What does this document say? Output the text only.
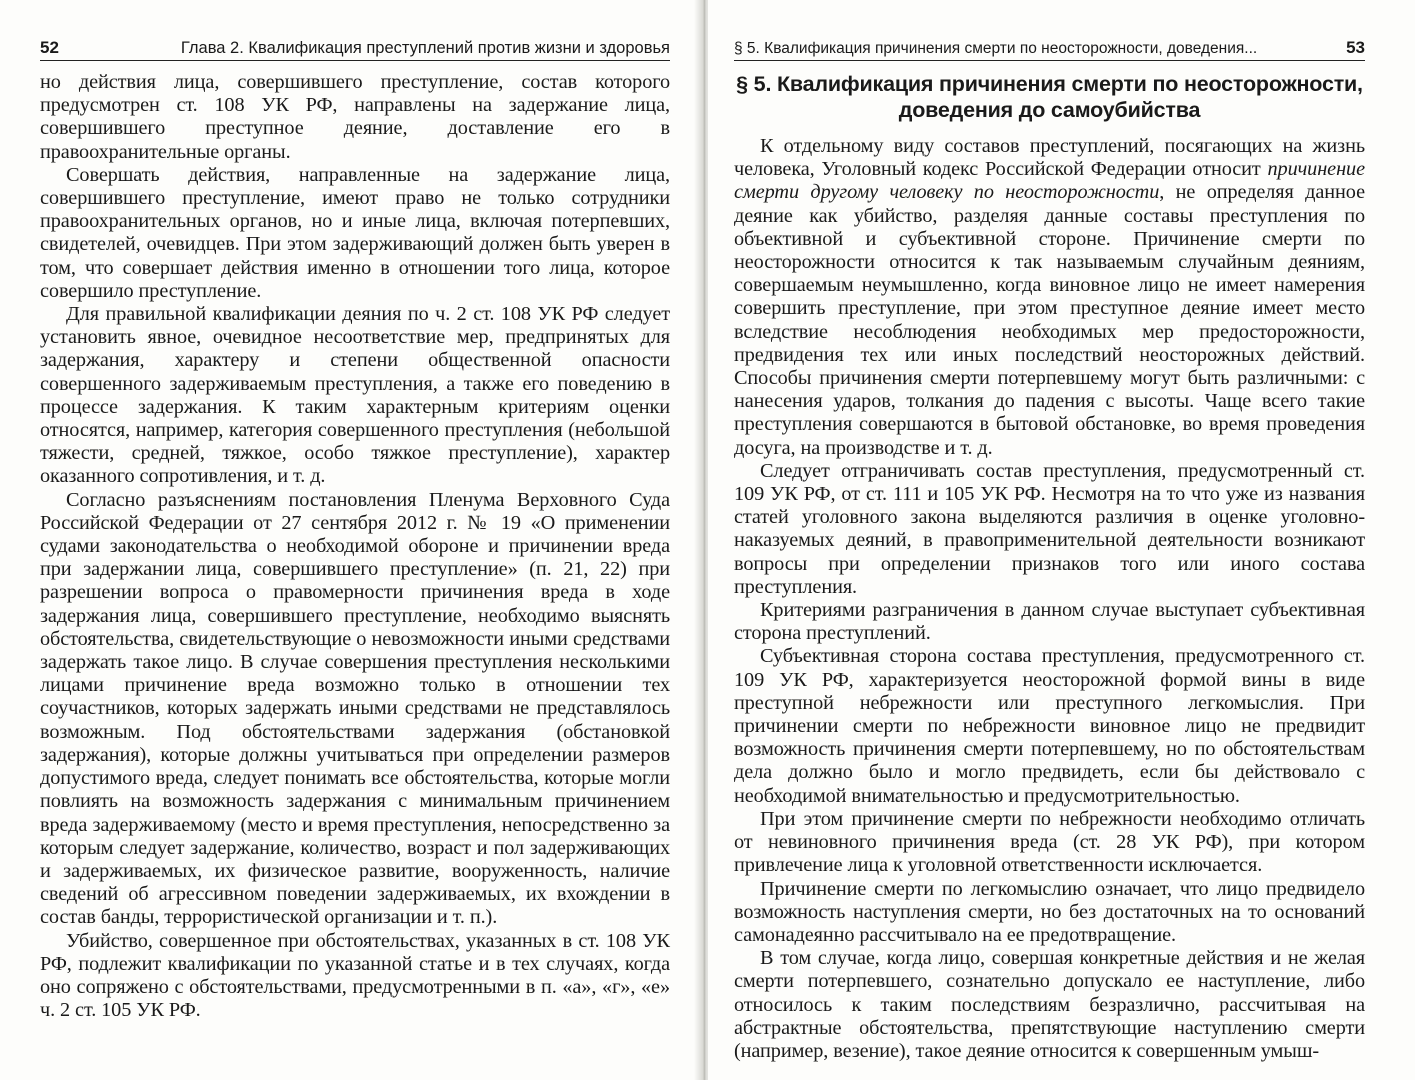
52	Глава 2. Квалификация преступлений против жизни и здоровья

но действия лица, совершившего преступление, состав которого предусмотрен ст. 108 УК РФ, направлены на задержание лица, совершившего преступное деяние, доставление его в правоохранительные органы.

Совершать действия, направленные на задержание лица, совершившего преступление, имеют право не только сотрудники правоохранительных органов, но и иные лица, включая потерпевших, свидетелей, очевидцев. При этом задерживающий должен быть уверен в том, что совершает действия именно в отношении того лица, которое совершило преступление.

Для правильной квалификации деяния по ч. 2 ст. 108 УК РФ следует установить явное, очевидное несоответствие мер, предпринятых для задержания, характеру и степени общественной опасности совершенного задерживаемым преступления, а также его поведению в процессе задержания. К таким характерным критериям оценки относятся, например, категория совершенного преступления (небольшой тяжести, средней, тяжкое, особо тяжкое преступление), характер оказанного сопротивления, и т. д.

Согласно разъяснениям постановления Пленума Верховного Суда Российской Федерации от 27 сентября 2012 г. № 19 «О применении судами законодательства о необходимой обороне и причинении вреда при задержании лица, совершившего преступление» (п. 21, 22) при разрешении вопроса о правомерности причинения вреда в ходе задержания лица, совершившего преступление, необходимо выяснять обстоятельства, свидетельствующие о невозможности иными средствами задержать такое лицо. В случае совершения преступления несколькими лицами причинение вреда возможно только в отношении тех соучастников, которых задержать иными средствами не представлялось возможным. Под обстоятельствами задержания (обстановкой задержания), которые должны учитываться при определении размеров допустимого вреда, следует понимать все обстоятельства, которые могли повлиять на возможность задержания с минимальным причинением вреда задерживаемому (место и время преступления, непосредственно за которым следует задержание, количество, возраст и пол задерживающих и задерживаемых, их физическое развитие, вооруженность, наличие сведений об агрессивном поведении задерживаемых, их вхождении в состав банды, террористической организации и т. п.).

Убийство, совершенное при обстоятельствах, указанных в ст. 108 УК РФ, подлежит квалификации по указанной статье и в тех случаях, когда оно сопряжено с обстоятельствами, предусмотренными в п. «а», «г», «е» ч. 2 ст. 105 УК РФ.

§ 5. Квалификация причинения смерти по неосторожности, доведения...	53
§ 5. Квалификация причинения смерти по неосторожности,
доведения до самоубийства

К отдельному виду составов преступлений, посягающих на жизнь человека, Уголовный кодекс Российской Федерации относит причинение смерти другому человеку по неосторожности, не определяя данное деяние как убийство, разделяя данные составы преступления по объективной и субъективной стороне. Причинение смерти по неосторожности относится к так называемым случайным деяниям, совершаемым неумышленно, когда виновное лицо не имеет намерения совершить преступление, при этом преступное деяние имеет место вследствие несоблюдения необходимых мер предосторожности, предвидения тех или иных последствий неосторожных действий. Способы причинения смерти потерпевшему могут быть различными: с нанесения ударов, толкания до падения с высоты. Чаще всего такие преступления совершаются в бытовой обстановке, во время проведения досуга, на производстве и т. д.

Следует отграничивать состав преступления, предусмотренный ст. 109 УК РФ, от ст. 111 и 105 УК РФ. Несмотря на то что уже из названия статей уголовного закона выделяются различия в оценке уголовно-наказуемых деяний, в правоприменительной деятельности возникают вопросы при определении признаков того или иного состава преступления.

Критериями разграничения в данном случае выступает субъективная сторона преступлений.

Субъективная сторона состава преступления, предусмотренного ст. 109 УК РФ, характеризуется неосторожной формой вины в виде преступной небрежности или преступного легкомыслия. При причинении смерти по небрежности виновное лицо не предвидит возможность причинения смерти потерпевшему, но по обстоятельствам дела должно было и могло предвидеть, если бы действовало с необходимой внимательностью и предусмотрительностью.

При этом причинение смерти по небрежности необходимо отличать от невиновного причинения вреда (ст. 28 УК РФ), при котором привлечение лица к уголовной ответственности исключается.

Причинение смерти по легкомыслию означает, что лицо предвидело возможность наступления смерти, но без достаточных на то оснований самонадеянно рассчитывало на ее предотвращение.

В том случае, когда лицо, совершая конкретные действия и не желая смерти потерпевшего, сознательно допускало ее наступление, либо относилось к таким последствиям безразлично, рассчитывая на абстрактные обстоятельства, препятствующие наступлению смерти (например, везение), такое деяние относится к совершенным умыш-
